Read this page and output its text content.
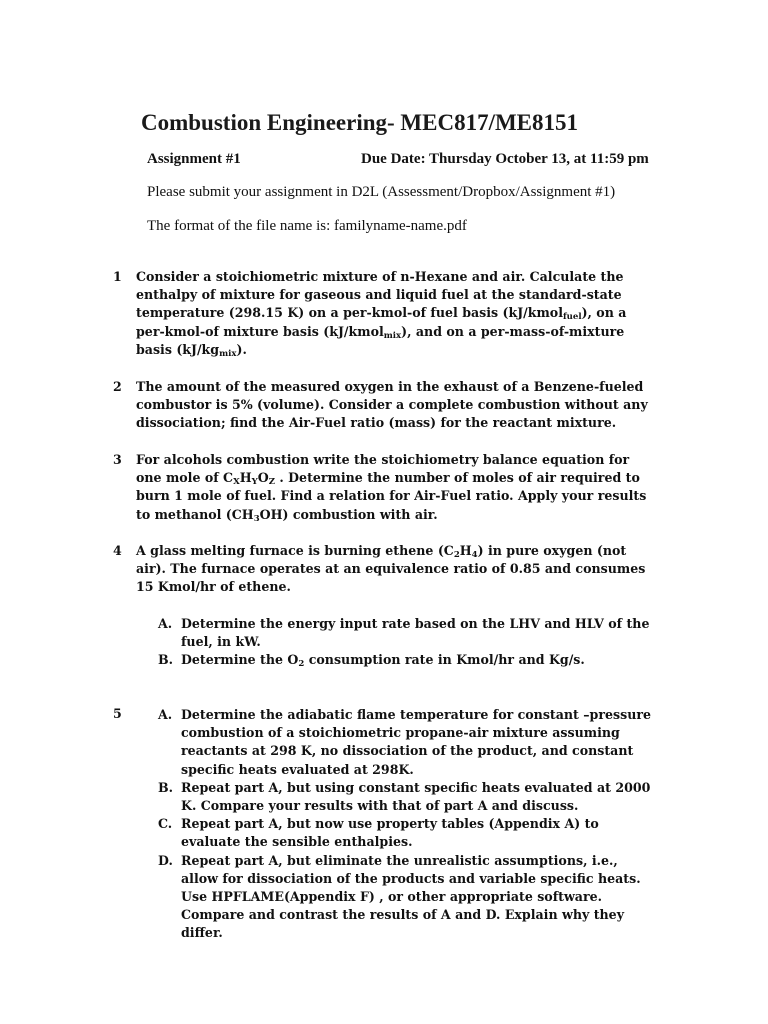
Combustion Engineering- MEC817/ME8151
Assignment #1	Due Date: Thursday October 13, at 11:59 pm
Please submit your assignment in D2L (Assessment/Dropbox/Assignment #1)
The format of the file name is: familyname-name.pdf
1 Consider a stoichiometric mixture of n-Hexane and air. Calculate the enthalpy of mixture for gaseous and liquid fuel at the standard-state temperature (298.15 K) on a per-kmol-of fuel basis (kJ/kmol$_{fuel}$), on a per-kmol-of mixture basis (kJ/kmol$_{mix}$), and on a per-mass-of-mixture basis $(kJ/kg_{mix})$.
2 The amount of the measured oxygen in the exhaust of a Benzene-fueled combustor is 5% (volume). Consider a complete combustion without any dissociation; find the Air-Fuel ratio (mass) for the reactant mixture.
3 For alcohols combustion write the stoichiometry balance equation for one mole of $C_XH_YO_Z$ . Determine the number of moles of air required to burn 1 mole of fuel. Find a relation for Air-Fuel ratio. Apply your results to methanol $(CH_3OH)$ combustion with air.
4 A glass melting furnace is burning ethene $(C_2H_4)$ in pure oxygen (not air). The furnace operates at an equivalence ratio of 0.85 and consumes 15 Kmol/hr of ethene.
A. Determine the energy input rate based on the LHV and HLV of the fuel, in kW.
B. Determine the $O_2$ consumption rate in Kmol/hr and Kg/s.
5	A. Determine the adiabatic flame temperature for constant –pressure combustion of a stoichiometric propane-air mixture assuming reactants at 298 K, no dissociation of the product, and constant specific heats evaluated at 298K.
B. Repeat part A, but using constant specific heats evaluated at 2000 K. Compare your results with that of part A and discuss.
C. Repeat part A, but now use property tables (Appendix A) to evaluate the sensible enthalpies.
D. Repeat part A, but eliminate the unrealistic assumptions, i.e., allow for dissociation of the products and variable specific heats. Use HPFLAME(Appendix F) , or other appropriate software. Compare and contrast the results of A and D. Explain why they differ.
